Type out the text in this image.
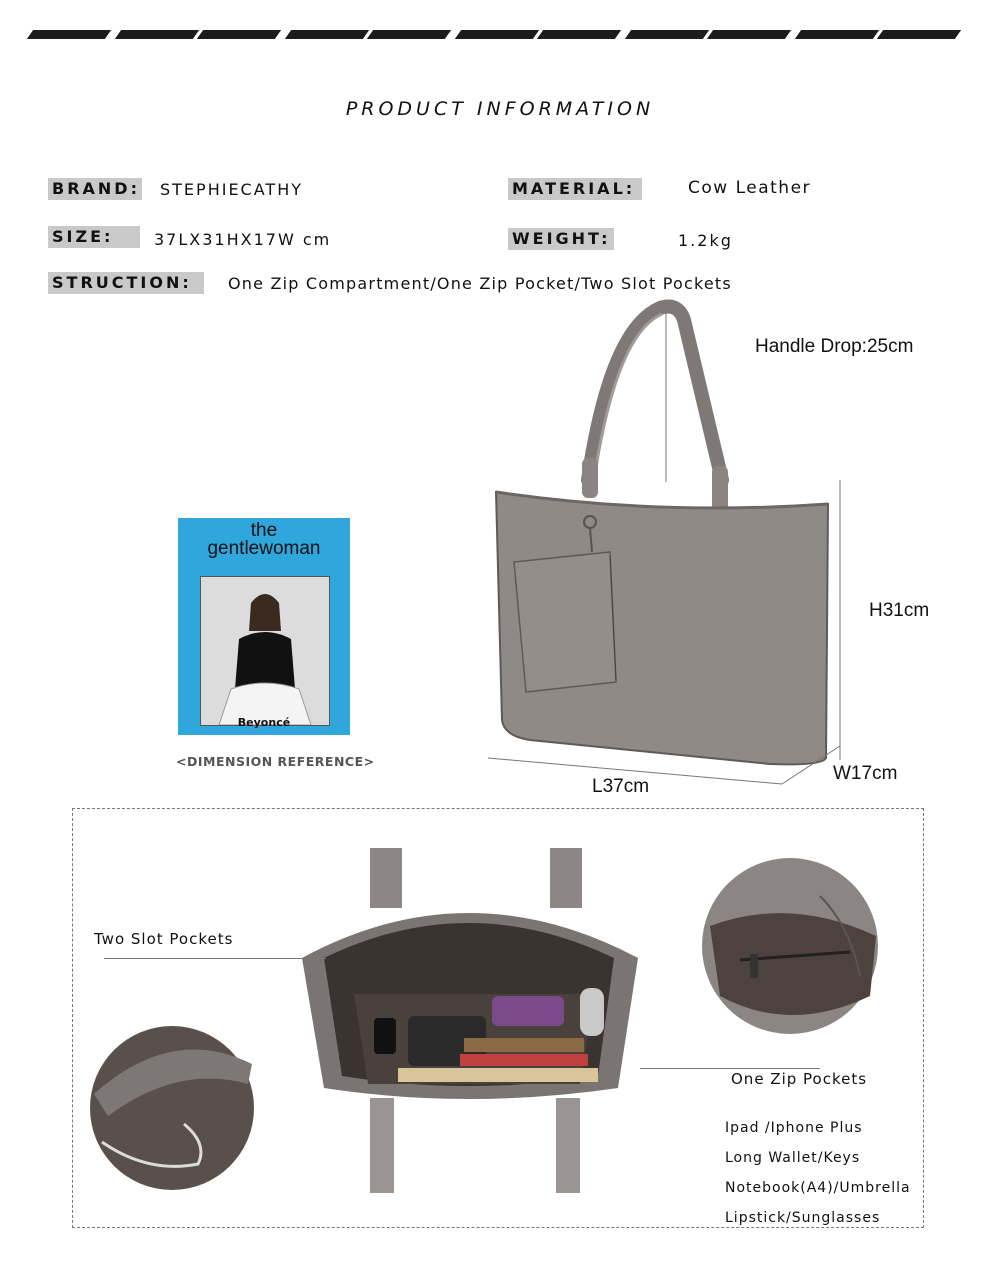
PRODUCT INFORMATION
BRAND: STEPHIECATHY	MATERIAL:	Cow Leather
SIZE:	37LX31HX17W cm	WEIGHT:	1.2kg
STRUCTION:	One Zip Compartment/One Zip Pocket/Two Slot Pockets
the
gentlewoman
Beyoncé
<DIMENSION REFERENCE>
Handle Drop:25cm
H31cm
L37cm
W17cm
Two Slot Pockets
One Zip Pockets
Ipad /Iphone Plus
Long Wallet/Keys
Notebook(A4)/Umbrella
Lipstick/Sunglasses
